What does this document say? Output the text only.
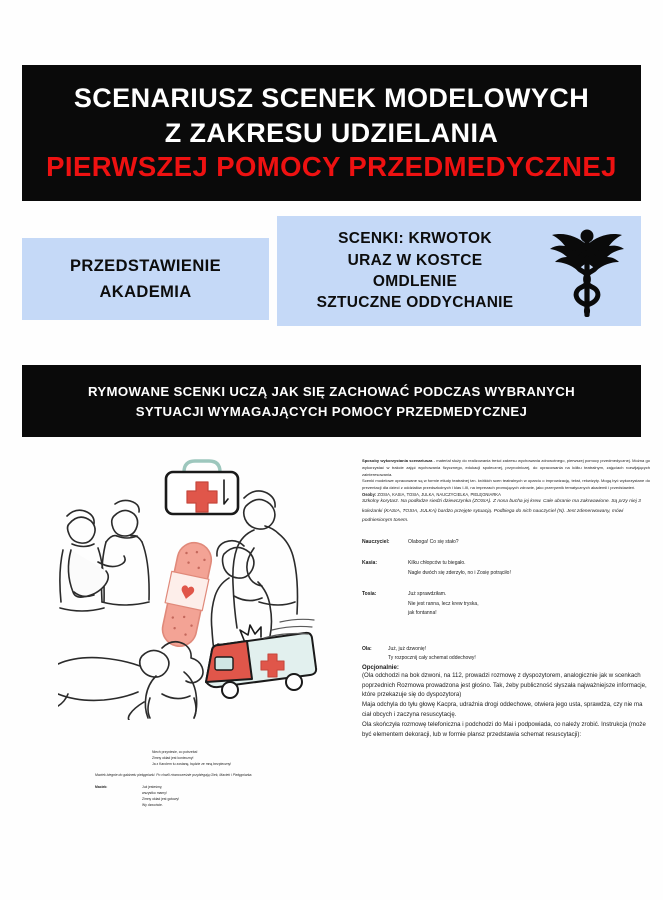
SCENARIUSZ SCENEK MODELOWYCH
Z ZAKRESU UDZIELANIA
PIERWSZEJ POMOCY PRZEDMEDYCZNEJ
PRZEDSTAWIENIE
AKADEMIA
SCENKI: KRWOTOK
URAZ W KOSTCE
OMDLENIE
SZTUCZNE ODDYCHANIE
RYMOWANE SCENKI UCZĄ JAK SIĘ ZACHOWAĆ PODCZAS WYBRANYCH
SYTUACJI WYMAGAJĄCYCH POMOCY PRZEDMEDYCZNEJ
Niech przyniesie, co potrzeba!
Zimny okład jest konieczny!
Ja z Karolem tu zostanę, będzie ze mną bezpieczny!
Maciek biegnie do gabinetu pielęgniarki. Po chwili równocześnie przybiegają Olek, Maciek i Pielęgniarka.
Maciek:	Już jesteśmy,
wszystko mamy!
Zimny okład jest gotowy!
Wy dzwońcie.

Sposoby wykorzystania scenariusza - materiał służy do realizowania treści zakresu wychowania zdrowotnego, pierwszej pomocy przedmedycznej. Można go wykorzystać w trakcie zajęć wychowania fizycznego, edukacji społecznej, przyrodniczej, do opracowania na kółku teatralnym, zajęciach rozwijających zainteresowania.

Scenki modelowe opracowane są w formie etiudy teatralnej tzn. krótkich scen teatralnych w oparciu o improwizację, tekst, rekwizyty. Mogą być wykorzystane do prezentacji dla dzieci z oddziałów przedszkolnych i klas I-III, na imprezach promujących zdrowie, jako przerywnik tematycznych akademii i przedstawień.

Osoby: ZOSIA, KASIA, TOSIA, JULKA, NAUCZYCIELKA, PIELĘGNIARKA

Szkolny korytarz. Na podłodze siedzi dziewczynka (ZOSIA). Z nosa bucha jej krew. Całe ubranie ma zakrwawione. Są przy niej 3 koleżanki (KASIA, TOSIA, JULKA) bardzo przejęte sytuacją. Podbiega do nich nauczyciel (N). Jest zdenerwowany, mówi podniesionym tonem.

Nauczyciel:	Olaboga! Co się stało?
Kasia:	Kilku chłopców tu biegało.
Nagle dwóch się zderzyło, no i Zosię potrąciło!
Tosia:	Już sprawdziłam.
Nie jest ranna, lecz krew tryska,
jak fontanna!
Ola:	Już, już dzwonię!
Ty rozpocznij cały schemat oddechowy!

Opcjonalnie:

(Ola odchodzi na bok dzwoni, na 112, prowadzi rozmowę z dyspozytorem, analogicznie jak w scenkach poprzednich Rozmowa prowadzona jest głośno. Tak, żeby publiczność słyszała najważniejsze informacje, które przekazuje się do dyspozytora)

Maja odchyla do tyłu głowę Kacpra, udrażnia drogi oddechowe, otwiera jego usta, sprawdza, czy nie ma ciał obcych i zaczyna resuscytację.

Ola skończyła rozmowę telefoniczna i podchodzi do Mai i podpowiada, co należy zrobić. Instrukcja (może być elementem dekoracji, lub w formie plansz przedstawia schemat resuscytacji):
